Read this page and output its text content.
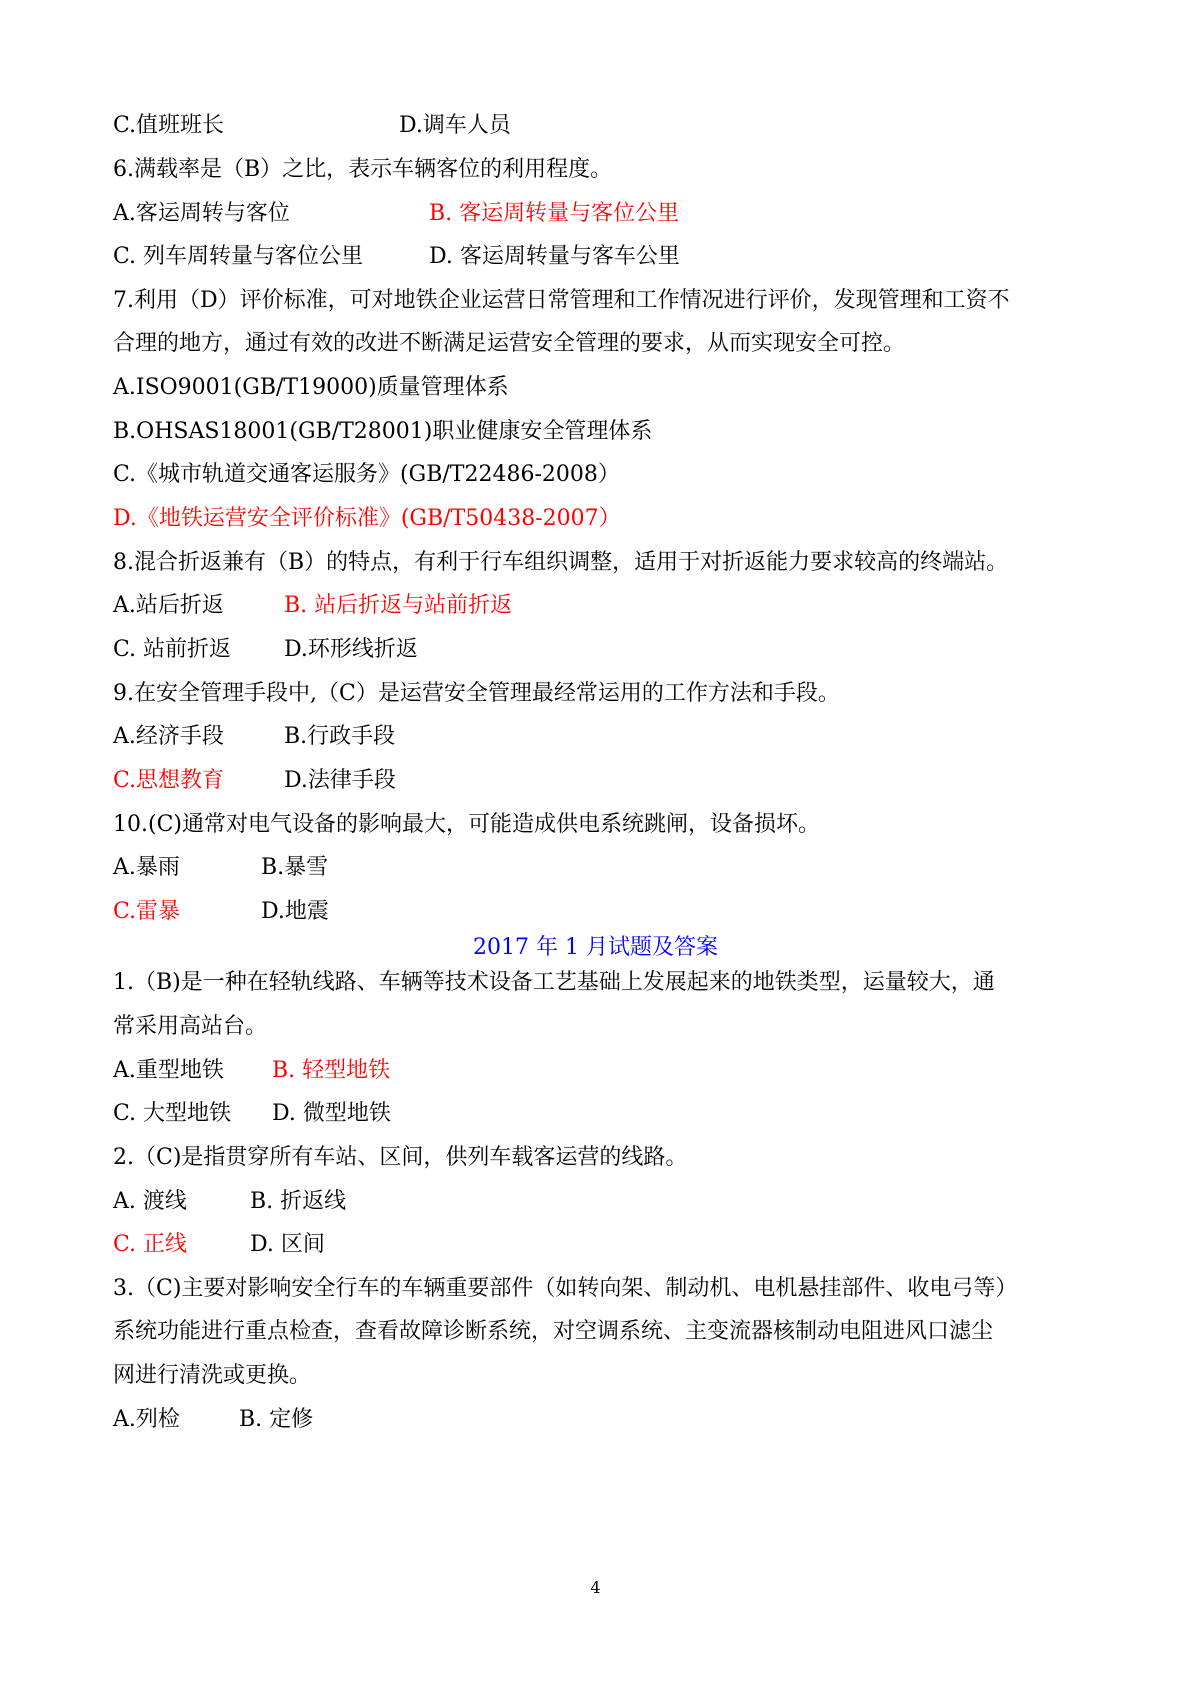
C.值班班长	D.调车人员
6.满载率是（B）之比，表示车辆客位的利用程度。
A.客运周转与客位	B. 客运周转量与客位公里
C. 列车周转量与客位公里	D. 客运周转量与客车公里
7.利用（D）评价标准，可对地铁企业运营日常管理和工作情况进行评价，发现管理和工资不
合理的地方，通过有效的改进不断满足运营安全管理的要求，从而实现安全可控。
A.ISO9001(GB/T19000)质量管理体系
B.OHSAS18001(GB/T28001)职业健康安全管理体系
C.《城市轨道交通客运服务》(GB/T22486-2008）
D.《地铁运营安全评价标准》(GB/T50438-2007）
8.混合折返兼有（B）的特点，有利于行车组织调整，适用于对折返能力要求较高的终端站。
A.站后折返	B. 站后折返与站前折返
C. 站前折返 D.环形线折返
9.在安全管理手段中,（C）是运营安全管理最经常运用的工作方法和手段。
A.经济手段	B.行政手段
C.思想教育	D.法律手段
10.(C)通常对电气设备的影响最大，可能造成供电系统跳闸，设备损坏。
A.暴雨	B.暴雪
C.雷暴	D.地震
2017 年 1 月试题及答案
1.（B)是一种在轻轨线路、车辆等技术设备工艺基础上发展起来的地铁类型，运量较大，通
常采用高站台。
A.重型地铁 B. 轻型地铁
C. 大型地铁 D. 微型地铁
2.（C)是指贯穿所有车站、区间，供列车载客运营的线路。
A. 渡线	B. 折返线
C. 正线	D. 区间
3.（C)主要对影响安全行车的车辆重要部件（如转向架、制动机、电机悬挂部件、收电弓等）
系统功能进行重点检查，查看故障诊断系统，对空调系统、主变流器核制动电阻进风口滤尘
网进行清洗或更换。
A.列检	B. 定修
4
